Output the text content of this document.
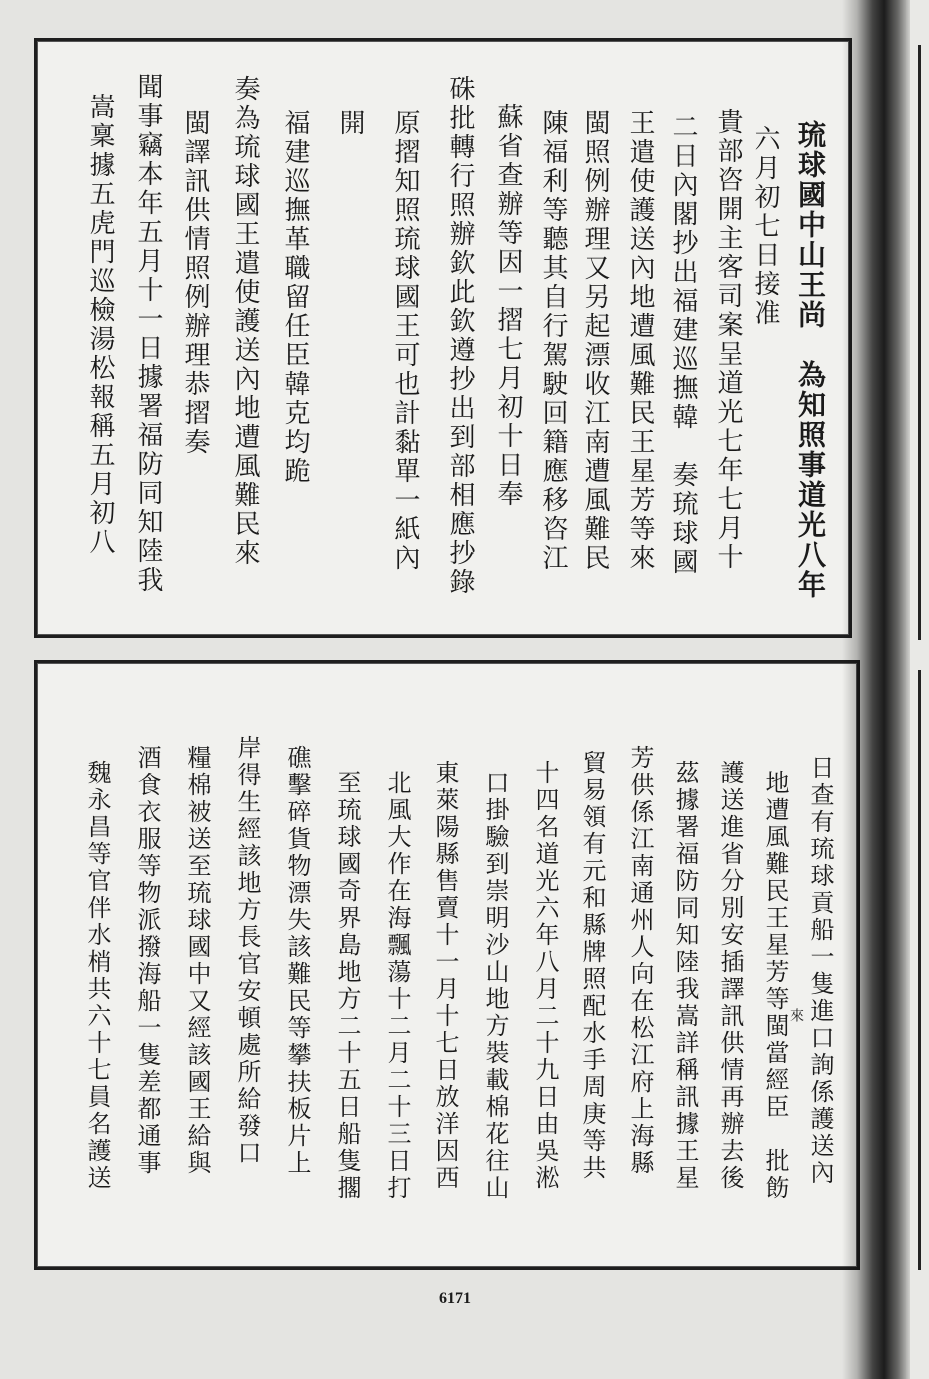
琉球國中山王尚　為知照事道光八年
六月初七日接准
貴部咨開主客司案呈道光七年七月十
二日內閣抄出福建巡撫韓　奏琉球國
王遣使護送內地遭風難民王星芳等來
閩照例辦理又另起漂收江南遭風難民
陳福利等聽其自行駕駛回籍應移咨江
蘇省查辦等因一摺七月初十日奉
硃批轉行照辦欽此欽遵抄出到部相應抄錄
原摺知照琉球國王可也計黏單一紙內
開
福建巡撫革職留任臣韓克均跪
奏為琉球國王遣使護送內地遭風難民來
閩譯訊供情照例辦理恭摺奏
聞事竊本年五月十一日據署福防同知陸我
嵩稟據五虎門巡檢湯松報稱五月初八
日查有琉球貢船一隻進口詢係護送內
地遭風難民王星芳等閩當經臣　批飭 來
護送進省分別安插譯訊供情再辦去後
茲據署福防同知陸我嵩詳稱訊據王星
芳供係江南通州人向在松江府上海縣
貿易領有元和縣牌照配水手周庚等共
十四名道光六年八月二十九日由吳淞
口掛驗到崇明沙山地方裝載棉花往山
東萊陽縣售賣十一月十七日放洋因西
北風大作在海飄蕩十二月二十三日打
至琉球國奇界島地方二十五日船隻擱
礁擊碎貨物漂失該難民等攀扶板片上
岸得生經該地方長官安頓處所給發口
糧棉被送至琉球國中又經該國王給與
酒食衣服等物派撥海船一隻差都通事
魏永昌等官伴水梢共六十七員名護送
6171
